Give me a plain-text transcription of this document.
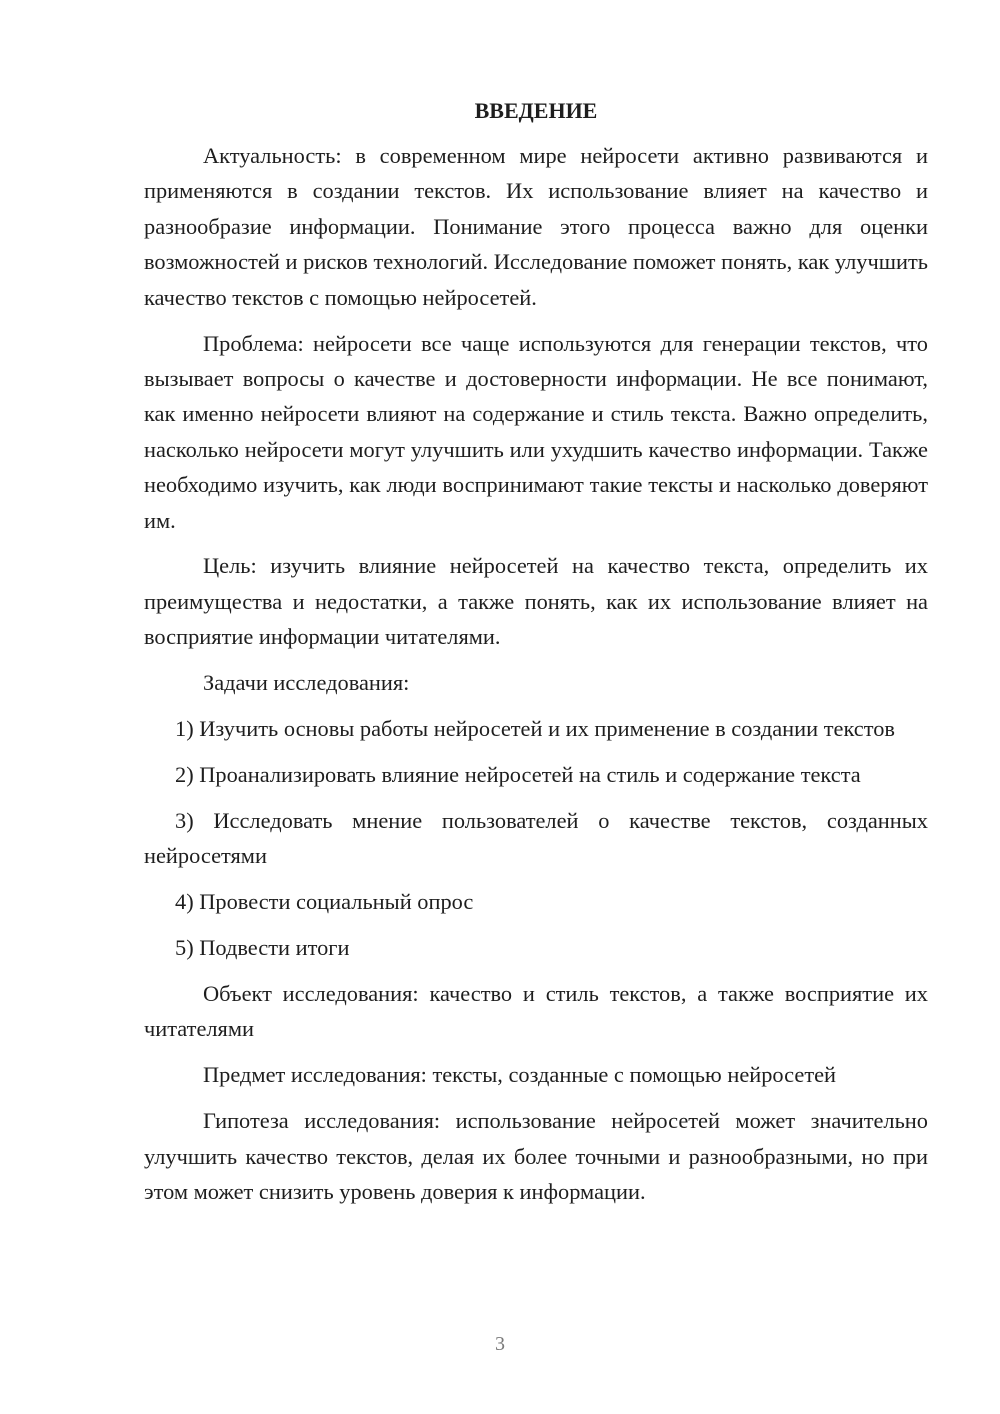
ВВЕДЕНИЕ

Актуальность: в современном мире нейросети активно развиваются и применяются в создании текстов. Их использование влияет на качество и разнообразие информации. Понимание этого процесса важно для оценки возможностей и рисков технологий. Исследование поможет понять, как улучшить качество текстов с помощью нейросетей.

Проблема: нейросети все чаще используются для генерации текстов, что вызывает вопросы о качестве и достоверности информации. Не все понимают, как именно нейросети влияют на содержание и стиль текста. Важно определить, насколько нейросети могут улучшить или ухудшить качество информации. Также необходимо изучить, как люди воспринимают такие тексты и насколько доверяют им.

Цель: изучить влияние нейросетей на качество текста, определить их преимущества и недостатки, а также понять, как их использование влияет на восприятие информации читателями.

Задачи исследования:

1) Изучить основы работы нейросетей и их применение в создании текстов

2) Проанализировать влияние нейросетей на стиль и содержание текста

3) Исследовать мнение пользователей о качестве текстов, созданных нейросетями

4) Провести социальный опрос

5) Подвести итоги

Объект исследования: качество и стиль текстов, а также восприятие их читателями

Предмет исследования: тексты, созданные с помощью нейросетей

Гипотеза исследования: использование нейросетей может значительно улучшить качество текстов, делая их более точными и разнообразными, но при этом может снизить уровень доверия к информации.

3
